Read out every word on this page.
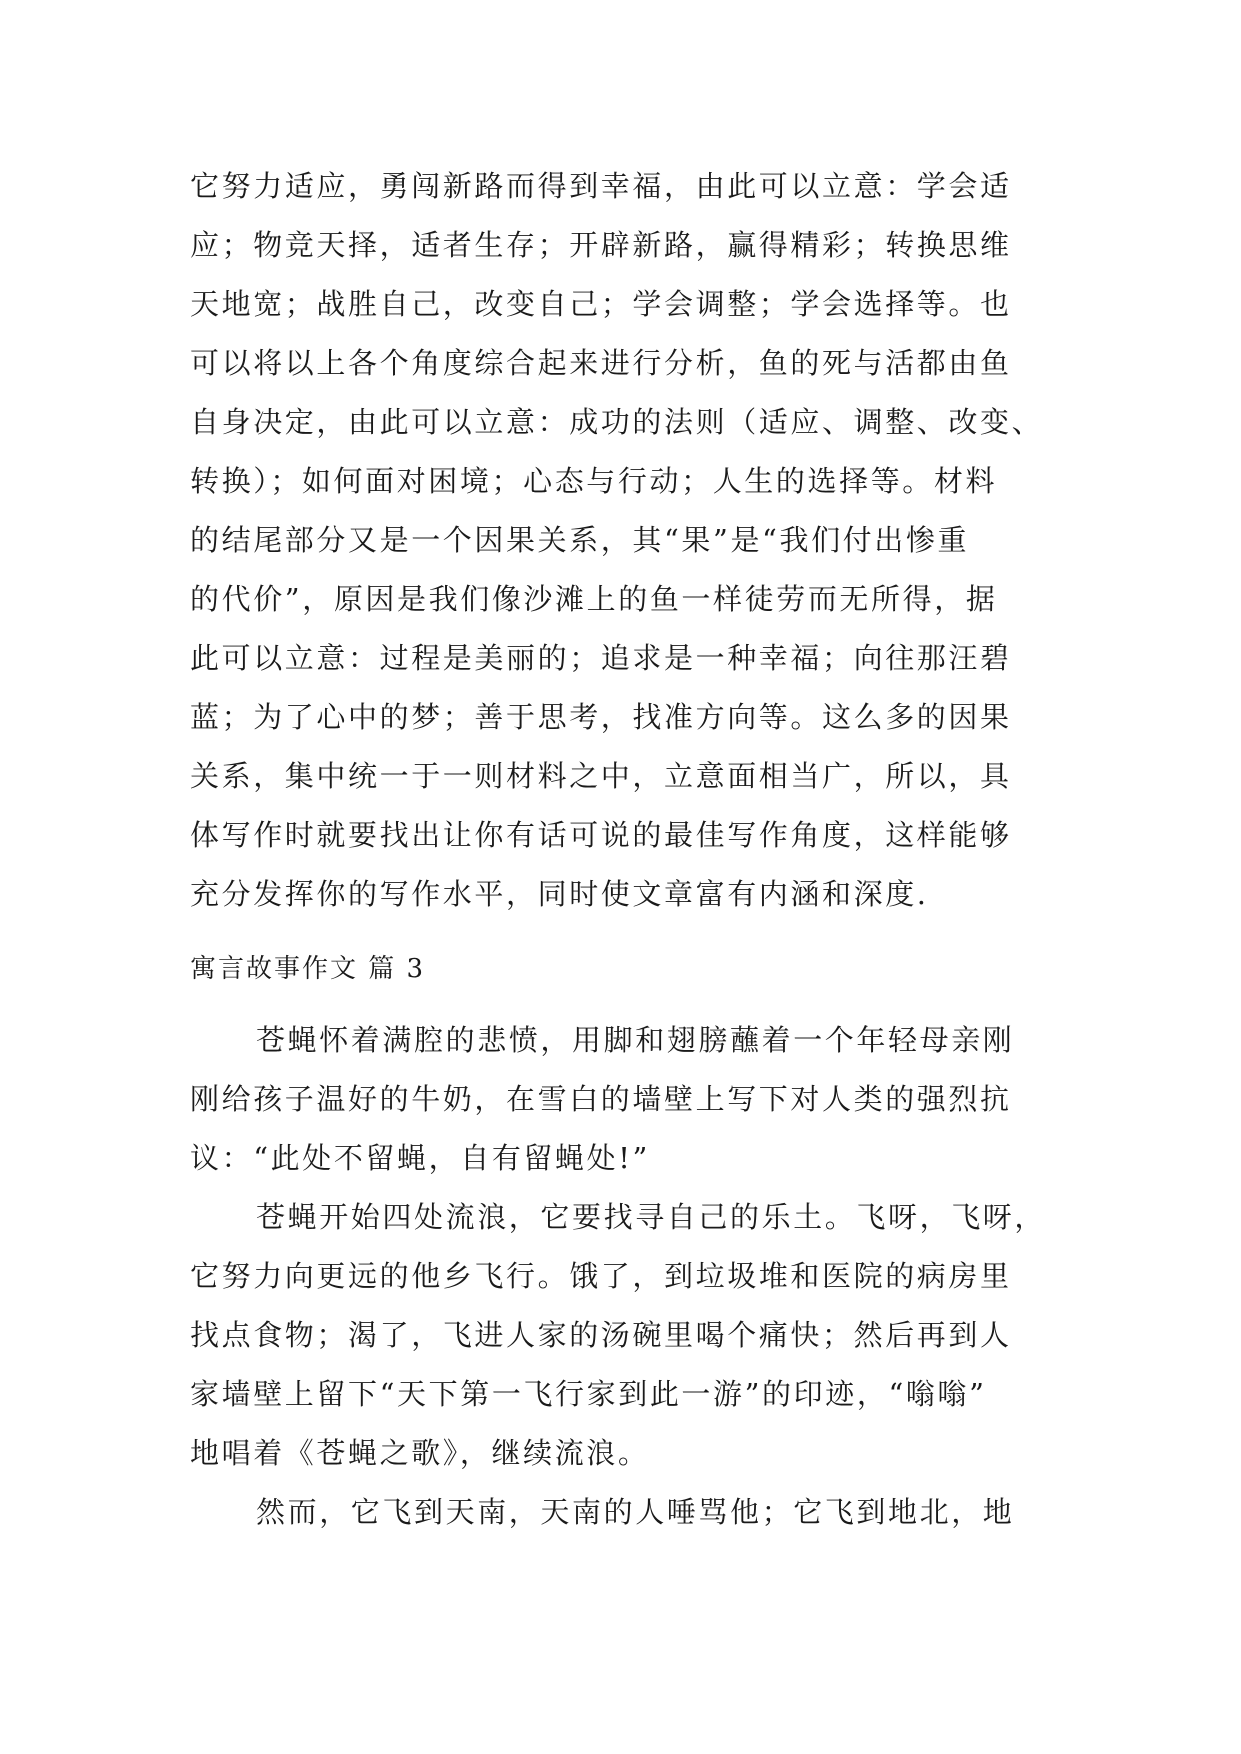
它努力适应，勇闯新路而得到幸福，由此可以立意：学会适
应；物竞天择，适者生存；开辟新路，赢得精彩；转换思维
天地宽；战胜自己，改变自己；学会调整；学会选择等。也
可以将以上各个角度综合起来进行分析，鱼的死与活都由鱼
自身决定，由此可以立意：成功的法则（适应、调整、改变、
转换）；如何面对困境；心态与行动；人生的选择等。材料
的结尾部分又是一个因果关系，其“果”是“我们付出惨重
的代价”，原因是我们像沙滩上的鱼一样徒劳而无所得，据
此可以立意：过程是美丽的；追求是一种幸福；向往那汪碧
蓝；为了心中的梦；善于思考，找准方向等。这么多的因果
关系，集中统一于一则材料之中，立意面相当广，所以，具
体写作时就要找出让你有话可说的最佳写作角度，这样能够
充分发挥你的写作水平，同时使文章富有内涵和深度.
寓言故事作文 篇 3
苍蝇怀着满腔的悲愤，用脚和翅膀蘸着一个年轻母亲刚
刚给孩子温好的牛奶，在雪白的墙壁上写下对人类的强烈抗
议：“此处不留蝇，自有留蝇处!”
苍蝇开始四处流浪，它要找寻自己的乐土。飞呀，飞呀，
它努力向更远的他乡飞行。饿了，到垃圾堆和医院的病房里
找点食物；渴了，飞进人家的汤碗里喝个痛快；然后再到人
家墙壁上留下“天下第一飞行家到此一游”的印迹，“嗡嗡”
地唱着《苍蝇之歌》，继续流浪。
然而，它飞到天南，天南的人唾骂他；它飞到地北，地
